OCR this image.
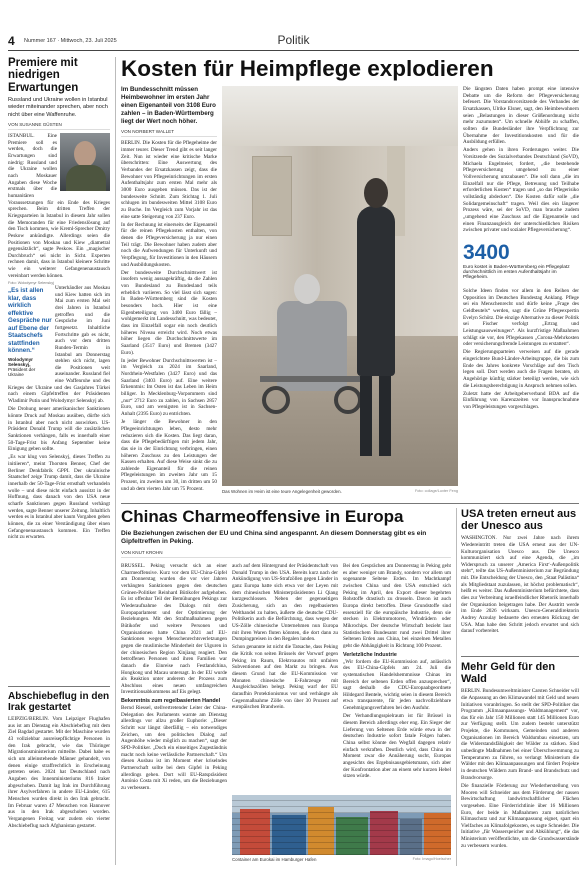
4 Nummer 167 · Mittwoch, 23. Juli 2025	Politik
Premiere mit niedrigen Erwartungen
Russland und Ukraine wollen in Istanbul wieder miteinander sprechen, aber noch nicht über eine Waffenruhe.
VON SUSANNE GÜSTEN

ISTANBUL. Eine Premiere soll es werden, doch die Erwartungen sind niedrig: Russland und die Ukraine wollen nach Moskauer Angaben diese Woche erstmals über die humanitären Voraussetzungen für ein Ende des Krieges sprechen. Beim dritten Treffen der Kriegsparteien in Istanbul in diesem Jahr sollen die Memoranden für eine Friedenslösung auf den Tisch kommen, wie Kreml-Sprecher Dmitry Peskow ankündigte. Allerdings seien die Positionen von Moskau und Kiew „diametral gegensätzlich“, sagte Peskow. Ein „magischer Durchbruch“ sei nicht in Sicht. Experten rechnen damit, dass in Istanbul kleinere Schritte wie ein weiterer Gefangenenaustausch vereinbart werden können.

Foto: Wolodymyr Selenskyj
„Es ist allen klar, dass wirklich effektive Gespräche nur auf Ebene der Staatschefs stattfinden können.“
Wolodymyr Selenskyj,
Präsident der Ukraine

Unterhändler aus Moskau und Kiew hatten sich im Mai zum ersten Mal seit drei Jahren in Istanbul getroffen und die Gespräche im Juni fortgesetzt. Inhaltliche Fortschritte gab es nicht, auch vor dem dritten Runden-Termin in Istanbul am Donnerstag stehlen sich nicht, lagen die Positionen weit auseinander. Russland fiel eine Waffenruhe und des Krieges der Ukraine und des Gasjahres Türkei nach einem Gipfeltreffen der Präsidenten Wladimir Putin und Wolodymyr Selenskyj ab.

Die Drohung neuer amerikanischer Sanktionen könnte Druck auf Moskau ausüben, dürfte sich in Istanbul aber noch nicht auswirken. US-Präsident Donald Trump will die zusätzlichen Sanktionen verhängen, falls es innerhalb einer 50-Tage-Frist bis Anfang September keine Einigung geben sollte.

„Es war klug von Selenskyj, dieses Treffen zu initiieren“, meint Thorsten Benner, Chef der Berliner Denkfabrik GPPI. Der ukrainische Staatschef zeige Trump damit, dass die Ukraine innerhalb der 50-Tage-Frist ernsthaft verhandeln wolle – und diese nicht einfach aussitzt in der Hoffnung, dass danach von den USA neue scharfe Sanktionen gegen Russland verhängt werden, sagte Benner unserer Zeitung. Inhaltlich werden es in Istanbul aber kaum Vorgaben geben können, die zu einer Verständigung über einen Gefangenenaustausch kommen. Ein Treffen nicht zu erwarten.

Abschiebeflug in den Irak gestartet

LEIPZIG/BERLIN. Vom Leipziger Flughafen aus ist am Dienstag ein Abschiebeflug mit dem Ziel Bagdad gestartet. Mit der Maschine wurden 43 vollziehbar ausreisepflichtige Personen in den Irak gebracht, wie das Thüringer Migrationsministerium mitteilte. Dabei habe es sich um alleinstehende Männer gehandelt, von denen einige straffrechtlich in Erscheinung getreten seien. 2024 hat Deutschland nach Angaben des Innenministeriums 816 Iraker abgeschoben. Damit lag Irak im Durchführung ihrer Asylverfahren in andere EU-Länder, 615 Menschen wurden direkt in den Irak gebracht. Im Februar waren 47 Menschen von Hannover aus in den Irak abgeschoben worden. Vergangenen Freitag war zudem ein vierter Abschiebeflug nach Afghanistan gestartet.

Kosten für Heimpflege explodieren
Im Bundesschnitt müssen Heimbewohner im ersten Jahr einen Eigenanteil von 3108 Euro zahlen – in Baden-Württemberg liegt der Wert noch höher.
VON NORBERT WALLET

BERLIN. Die Kosten für die Pflegeheime der immer teurer. Dieser Trend gibt es seit langer Zeit. Nun ist wieder eine kritische Marke überschritten: Eine Auswertung des Verbandes der Ersatzkassen zeigt, dass die Bewohner von Pflegeeinrichtungen im ersten Aufenthaltsjahr zum ersten Mal mehr als 3000 Euro ausgeben müssen. Das ist der bundesweite Schnitt. Zum Stichtag 1. Juli schlugen im bundesweiten Mittel 3108 Euro zu Buche. Im Vergleich zum Vorjahr ist das eine satte Steigerung von 237 Euro.

In der Rechnung ist einerseits der Eigenanteil für die reinen Pflegekosten enthalten, von denen die Pflegeversicherung ja nur einen Teil trägt. Die Bewohner haben zudem aber noch die Aufwendungen für Unterkunft und Verpflegung, für Investitionen in den Häusern und Ausbildungskosten.

Der bundesweite Durchschnittswert ist insofern wenig aussagekräftig, da die Zahlen von Bundesland zu Bundesland teils erheblich variieren. So viel lässt sich sagen: In Baden-Württemberg sind die Kosten besonders hoch. Hier ist eine Eigenbeteiligung von 3400 Euro fällig – wohlgemerkt im Landesschnitt, was bedeutet, dass im Einzelfall sogar ein noch deutlich höheres Niveau erreicht wird. Noch etwas höher liegen die Durchschnittswerte im Saarland (3517 Euro) und Bremen (3427 Euro).

In jeder Bewohner Durchschnittswerten ist – im Vergleich zu 2024 im Saarland, Nordrhein-Westfalen (3427 Euro) und das Saarland (3403 Euro) auf. Eine weitere Erkenntnis: Im Osten ist das Leben im Heim billiger. In Mecklenburg-Vorpommern sind „nur“ 2712 Euro zu zahlen, in Sachsen 2857 Euro, und am wenigsten ist in Sachsen-Anhalt (2395 Euro) zu entrichten.

Je länger die Bewohner in den Pflegeeinrichtungen leben, desto mehr reduzieren sich die Kosten. Das liegt daran, dass die Pflegebedürftigen mit jedem Jahr, das sie in der Einrichtung verbringen, einen höheren Zuschuss zu den Leistungen der Kassen erhalten. Auf diese Weise sinkt die zu zahlende Eigenanteil für die reinen Pflegeleistungen im zweiten Jahr um 15 Prozent, im zweiten um 30, im dritten um 50 und ab dem vierten Jahr um 75 Prozent.	Das Wohnen im Heim ist eine teure Angelegenheit geworden.	Foto: collage/Luxter Feng

Die längsten Daten haben prompt eine intensive Debatte um die Reform der Pflegeversicherung befeuert. Die Vorstandsvorsitzende des Verbandes der Ersatzkassen, Ulrike Elsner, sagt, den Heimbewohnern seien „Belastungen in dieser Größenordnung nicht mehr zuzumuten“. Um schnelle Abhilfe zu schaffen, sollten die Bundesländer ihre Verpflichtung zur Übernahme der Investitionskosten und für die Ausbildung erfüllen.

Anders gehen in ihren Forderungen weiter. Die Vorsitzende des Sozialverbandes Deutschland (SoVD), Michaela Engelmeier, fordert, „die bestehende Pflegeversicherung umgehend zu einer Vollversicherung umzubauen“. Die soll dann „die im Einzelfall nur die Pflege, Betreuung und Teilhabe erforderlichen Kosten“ tragen und „so das Pflegerisiko vollständig abdecken“. Die Kosten dafür solle „die Solidargemeinschaft“ tragen. Weil dies ein längerer Prozess wäre, sei der SoVD, man brauche zudem „umgehend eine Zuschuss auf die Eigenanteile und einen Finanzausgleich der unterschiedlichen Risiken zwischen privater und sozialer Pflegeversicherung“.

3400
Euro kostet in Baden-Württemberg ein Pflegeplatz durchschnittlich im ersten Aufenthaltsjahr im Pflegeheim.

Solche Ideen finden vor allem in den Reihen der Opposition im Deutschen Bundestag Anklang. Pflege sei ein Menschenrecht und dürfe keine „Frage des Geldbeutels“ werden, sagt die Grüne Pflegeexpertin Evelyn Schötz. Die einzige Alternative zu dieser Politik sei Fischer verfolgt „Ertrag und Leistungsausweitungen“. Als kurzfristige Maßnahmen schlägt sie vor, den Pflegekassen „Corona-Mehrkosten oder versicherungsfremde Leistungen zu erstatten“.

Die Regierungsparteien verweisen auf die gerade eingerichtete Bund-Länder-Arbeitsgruppe, die bis zum Ende des Jahres konkrete Vorschläge auf den Tisch legen soll. Dort werden auch die Fragen beraten, ob Angehörige künftig stärker beteiligt werden, wie sich die Leistungsberechtigung in Anspruch nehmen sollen.

Zuletzt hatte der Arbeitgeberverband BDA auf die Einführung von Karenzzeiten vor Inanspruchnahme von Pflegeleistungen vorgeschlagen.

Chinas Charmeoffensive in Europa
Die Beziehungen zwischen der EU und China sind angespannt. An diesem Donnerstag gibt es ein Gipfeltreffen in Peking.
VON KNUT KROHN

BRÜSSEL. Peking versucht sich an einer Charmeoffensive. Kurz vor dem EU-China-Gipfel am Donnerstag wurden die vor vier Jahren verhängten Sanktionen gegen den deutschen Grünen-Politiker Reinhard Bütikofer aufgehoben. Es ist offenbar Teil der Bemühungen Pekings zur Wiederaufnahme des Dialogs mit dem Europaparlament und der Optimierung der Beziehungen. Mit den Strafmaßnahmen gegen Bütikofer und weitere Personen und Organisationen hatte China 2021 auf EU-Sanktionen wegen Menschenrechtsverletzungen gegen die muslimische Minderheit der Uiguren in der chinesischen Region Xinjiang reagiert. Den betroffenen Personen und ihren Familien war danach die Einreise nach Festlandchina, Hongkong und Macau untersagt. In der EU wurde als Reaktion unter anderem der Prozess zum Abschluss eines neuen umfangreichen Investitionsabkommens auf Eis gelegt.

Bekenntnis zum regelbasierten Handel

Bernd Riessel, stellvertretender Leiter der China-Delegation des Parlaments warnte am Dienstag allerdings vor allzu großer Euphorie: „Dieser Schritt war längst überfällig – ein notwendiges Zeichen, um den politischen Dialog auf Augenhöhe wieder möglich zu machen“, sagt der SPD-Politiker. „Doch ein einseitiges Zugeständnis macht noch keine verlässliche Partnerschaft.“ Um diesen Ausbau ist im Moment eher kriselndes Partnerschaft sollte bei dem Gipfel in Peking allerdings gehen. Dort will EU-Ratspräsident António Costa mit Xi reden, um die Beziehungen zu verbessern.

auch auf dem Hintergrund der Präsidentschaft von Donald Trump in den USA. Bereits kurz nach der Ankündigung von US-Strafzöllen gegen Länder in ganz Europa hatte sich etwa vor der Leyen mit dem chinesischen Ministerpräsidenten Li Qiang kurzgeschlossen. Neben der gegenseitigen Zusicherung, sich an den regelbasierten Welthandel zu halten, äußerte die deutsche CDU-Politikerin auch die Befürchtung, dass wegen der US-Zölle chinesische Unternehmen nun Europa mit ihren Waren fluten könnten, die dort dann zu Dumpingpreisen in den Regalen landen.

Schon genannte ist nicht die Tatsache, dass Peking die Kritik von seiten Brüssels der Vorwurf gegen Peking im Raum, Elektroautos mit unfairen Subventionen auf den Markt zu bringen. Aus diesem Grund hat die EU-Kommission vor Monaten chinesische E-Fahrzeuge mit Ausgleichszöllen belegt. Peking warf der EU daraufhin Protektionismus vor und verhängte als Gegenmaßnahme Zölle von über 30 Prozent auf europäischen Brandwein.

Bei den Gesprächen am Donnerstag in Peking geht es aber weniger um Brandy, sondern vor allem um sogenannte Seltene Erden. Im Machtkampf zwischen China und den USA entschied sich Peking im April, den Export dieser begehrten Rohstoffe drastisch zu drosseln. Davon ist auch Europa direkt betroffen. Diese Grundstoffe sind essenziell für die europäische Industrie, denn sie stecken in Elektromotoren, Windrädern oder Mikrochips. Der deutsche Wirtschaft bezieht laut Statistischem Bundesamt rund zwei Drittel ihrer Seltenen Erden aus China, bei einzelnen Metallen geht die Abhängigkeit in Richtung 100 Prozent.

Verletzliche Industrie

„Wir fordern die EU-Kommission auf, anlässlich des EU-China-Gipfels am 24. Juli die systematischen Handelshemmnisse Chinas im Bereich der seltenen Erden offen anzusprechen“, sagt deshalb die CDU-Europaabgeordnete Hildegard Bentele, wichtig seien in diesem Bereich etwa transparente, für jeden nachvollziehbare Genehmigungsverfahren bei den Ausfuhr.

Der Verhandlungsspielraum ist für Brüssel in diesem Bereich allerdings eher eng. Ein Sieger der Lieferung von Seltenen Erde würde etwa in der deutschen Industrie sofort fatale Folgen haben. China selbst könnte den Wegfall dagegen relativ einfach verkraften. Deutlich wird, dass China im Moment zwar die Annäherung sucht, Europas angesichts des Ergebnisausgebietsmann, sich aber der Konfrontation aber an einem sehr kurzen Hebel sitzen würde.

Container am Eurokai im Hamburger Hafen	Foto: Imago/Hoelscher
USA treten erneut aus der Unesco aus

WASHINGTON. Nur zwei Jahre nach ihrem Wiedereintritt treten die USA erneut aus der UN-Kulturorganisation Unesco aus. Die Unesco kommuniziert sich auf eine Agenda, die „im Widerspruch zu unserer ‚America First‘-Außenpolitik steht“, teilte das US-Außenministerium zur Begründung mit. Die Entscheidung der Unesco, den „Staat Palästina“ als Mitgliedstaat zuzulassen, ist höchst problematisch“, heißt es weiter. Das Außenministerium befürchtete, dass dies zur Verbreitung israelfeindlicher Rhetorik innerhalb der Organisation beigetragen habe. Der Austritt werde im Ende 2026 wirksam. Unesco-Generaldirektorin Audrey Azoulay bedauerte den erneuten Rückzug der USA. Man habe den Schritt jedoch erwartet und sich darauf vorbereitet.

Mehr Geld für den Wald

BERLIN. Bundesumweltminister Carsten Schneider will die Anpassung an den Klimawandel mit Geld und neuen Initiativen voranbringen. So stellt der SPD-Politiker das Programm „Klimaanpassungs- Waldmanagement“ vor, das für ein Jahr 150 Millionen statt 145 Millionen Euro zur Verfügung stellt. Um zudem besteht unterstützt Projekte, die Kommunen, Gemeinden und anderen Organisationen im Bereich Waldumbau einsetzen, um die Widerstandsfähigkeit der Wälder zu stärken. Sind unbedingte Maßnahmen bei einer Überschwemmung zu Temperaturen zu führen, so verlangt Ministerium die Wälder mit den Klimaanpassungen und fördert Projekte in deutschen Wäldern zum Brand- und Brandschutz und Brandvorsorge.

Die finanzielle Förderung zur Wiederherstellung von Mooren will Schneider aus dem Förderung der nassen Bewirtschaftung landwirtschaftlicher Flächen vorgesehen. Eine Förderrichtlinie über 16 Millionen Euro, der beide in Maßnahmen zum natürlichen Klimaschutz und zur Klimaanpassung eignet, spart ein Vielfaches an Klimafolgekosten, es sagte Schneider. Die Initiative „für Wasserspeicher und Abkühlung“, die das Ministerium veröffentlichte, um die Grundwasserstände zu verbessern wurden.
